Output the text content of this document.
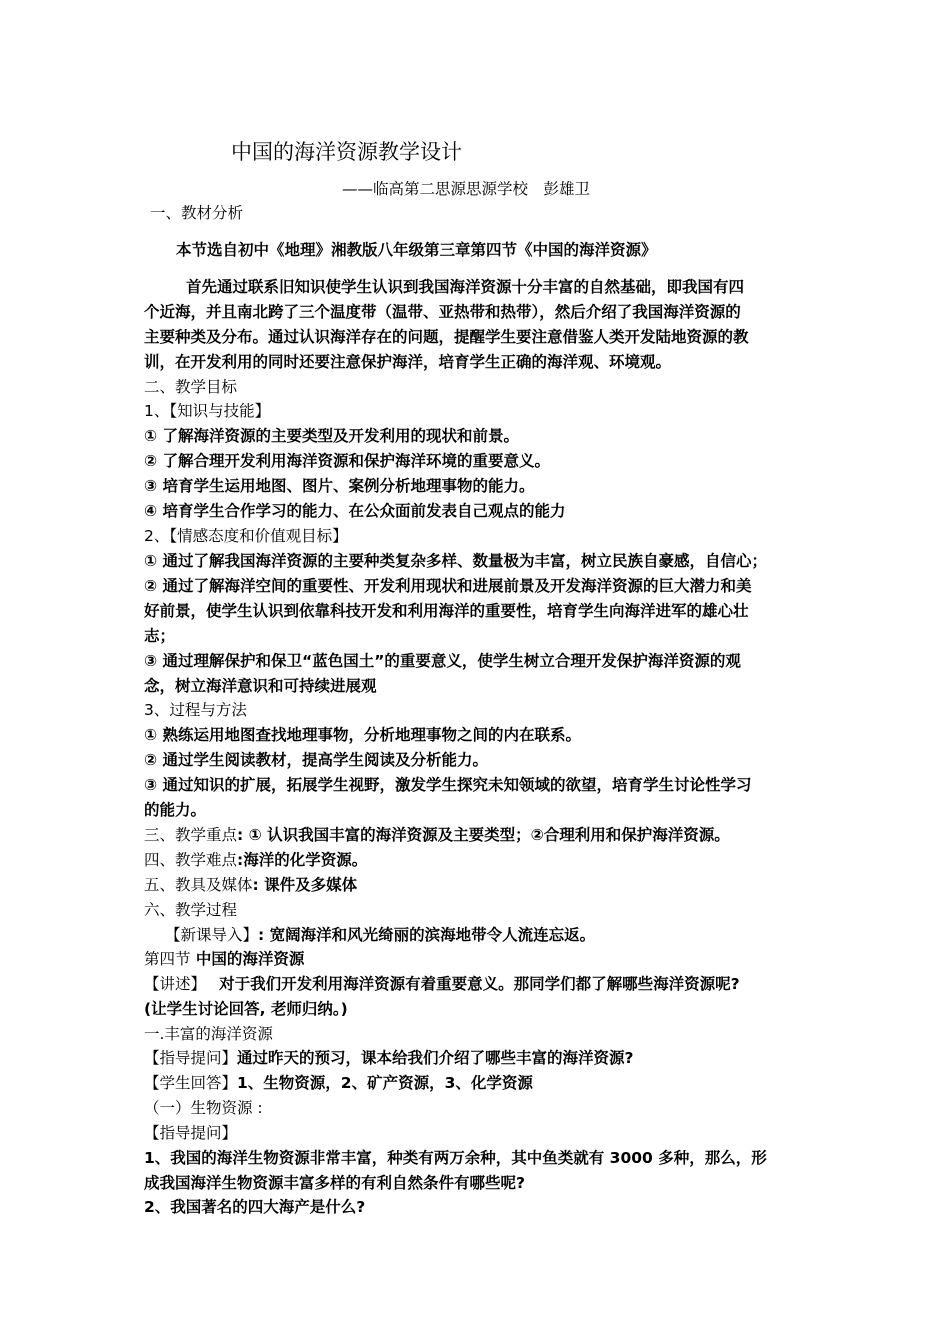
中国的海洋资源教学设计
——临高第二思源思源学校　彭雄卫
一、教材分析
本节选自初中《地理》湘教版八年级第三章第四节《中国的海洋资源》
首先通过联系旧知识使学生认识到我国海洋资源十分丰富的自然基础，即我国有四
个近海，并且南北跨了三个温度带（温带、亚热带和热带），然后介绍了我国海洋资源的
主要种类及分布。通过认识海洋存在的问题，提醒学生要注意借鉴人类开发陆地资源的教
训，在开发利用的同时还要注意保护海洋，培育学生正确的海洋观、环境观。
二、教学目标
1、【知识与技能】
① 了解海洋资源的主要类型及开发利用的现状和前景。
② 了解合理开发利用海洋资源和保护海洋环境的重要意义。
③ 培育学生运用地图、图片、案例分析地理事物的能力。
④ 培育学生合作学习的能力、在公众面前发表自己观点的能力
2、【情感态度和价值观目标】
① 通过了解我国海洋资源的主要种类复杂多样、数量极为丰富，树立民族自豪感，自信心；
② 通过了解海洋空间的重要性、开发利用现状和进展前景及开发海洋资源的巨大潜力和美
好前景，使学生认识到依靠科技开发和利用海洋的重要性，培育学生向海洋进军的雄心壮
志；
③ 通过理解保护和保卫“蓝色国土”的重要意义，使学生树立合理开发保护海洋资源的观
念，树立海洋意识和可持续进展观
3、过程与方法
① 熟练运用地图查找地理事物，分析地理事物之间的内在联系。
② 通过学生阅读教材，提高学生阅读及分析能力。
③ 通过知识的扩展，拓展学生视野，激发学生探究未知领域的欲望，培育学生讨论性学习
的能力。
三、教学重点: ① 认识我国丰富的海洋资源及主要类型；②合理利用和保护海洋资源。
四、教学难点:海洋的化学资源。
五、教具及媒体: 课件及多媒体
六、教学过程
【新课导入】: 宽阔海洋和风光绮丽的滨海地带令人流连忘返。
第四节 中国的海洋资源
【讲述】　 对于我们开发利用海洋资源有着重要意义。那同学们都了解哪些海洋资源呢?
(让学生讨论回答, 老师归纳。)
一.丰富的海洋资源
【指导提问】通过昨天的预习，课本给我们介绍了哪些丰富的海洋资源?
【学生回答】1、生物资源，2、矿产资源，3、化学资源
（一）生物资源 :
【指导提问】
1、我国的海洋生物资源非常丰富，种类有两万余种，其中鱼类就有 3000 多种，那么，形
成我国海洋生物资源丰富多样的有利自然条件有哪些呢?
2、我国著名的四大海产是什么?
